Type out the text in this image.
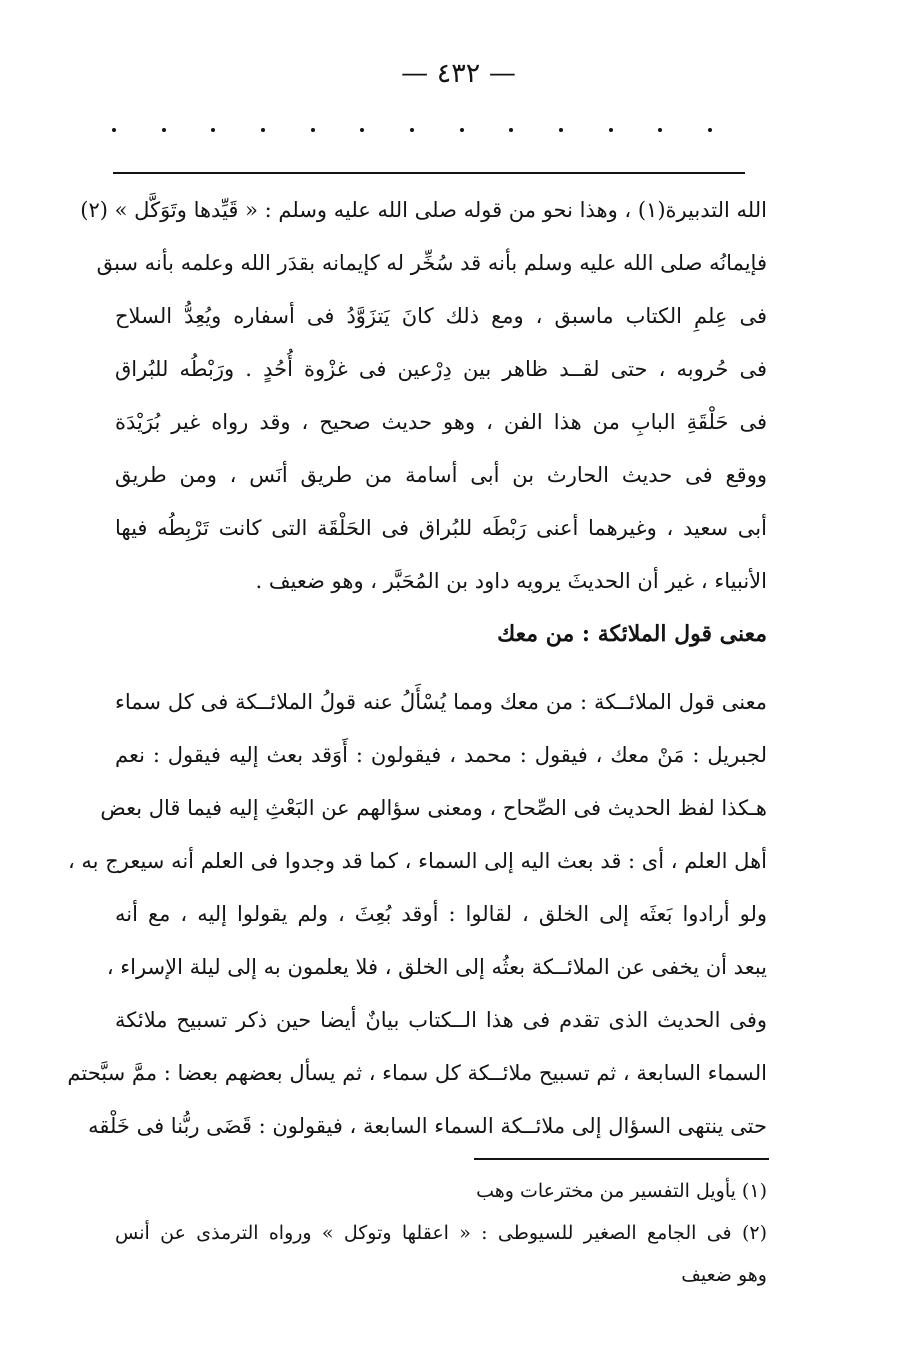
— ٤٣٢ —
الله التدبيرة(١) ، وهذا نحو من قوله صلى الله عليه وسلم : « قَيِّدها وتَوَكَّل » (٢)
فإيمانُه صلى الله عليه وسلم بأنه قد سُخِّر له كإيمانه بقدَر الله وعلمه بأنه سبق
فى عِلمِ الكتاب ماسبق ، ومع ذلك كانَ يَتزَوَّدُ فى أسفاره ويُعِدُّ السلاح
فى حُروبه ، حتى لقــد ظاهر بين دِرْعين فى غزْوة أُحُدٍ . ورَبْطُه للبُراق
فى حَلْقَةِ البابِ من هذا الفن ، وهو حديث صحيح ، وقد رواه غير بُرَيْدَة
ووقع فى حديث الحارث بن أبى أسامة من طريق أنَس ، ومن طريق
أبى سعيد ، وغيرهما أعنى رَبْطَه للبُراق فى الحَلْقَة التى كانت تَرْبِطُه فيها
الأنبياء ، غير أن الحديثَ يرويه داود بن المُحَبَّر ، وهو ضعيف .
معنى قول الملائكة : من معك
معنى قول الملائــكة : من معك ومما يُسْأَلُ عنه قولُ الملائــكة فى كل سماء
لجبريل : مَنْ معك ، فيقول : محمد ، فيقولون : أَوَقد بعث إليه فيقول : نعم
هـكذا لفظ الحديث فى الصِّحاح ، ومعنى سؤالهم عن البَعْثِ إليه فيما قال بعض
أهل العلم ، أى : قد بعث اليه إلى السماء ، كما قد وجدوا فى العلم أنه سيعرج به ،
ولو أرادوا بَعثَه إلى الخلق ، لقالوا : أوقد بُعِثَ ، ولم يقولوا إليه ، مع أنه
يبعد أن يخفى عن الملائــكة بعثُه إلى الخلق ، فلا يعلمون به إلى ليلة الإسراء ،
وفى الحديث الذى تقدم فى هذا الــكتاب بيانٌ أيضا حين ذكر تسبيح ملائكة
السماء السابعة ، ثم تسبيح ملائــكة كل سماء ، ثم يسأل بعضهم بعضا : ممَّ سبَّحتم
حتى ينتهى السؤال إلى ملائــكة السماء السابعة ، فيقولون : قَضَى ربُّنا فى خَلْقه
(١) يأويل التفسير من مخترعات وهب
(٢) فى الجامع الصغير للسيوطى : « اعقلها وتوكل » ورواه الترمذى عن أنس
وهو ضعيف
